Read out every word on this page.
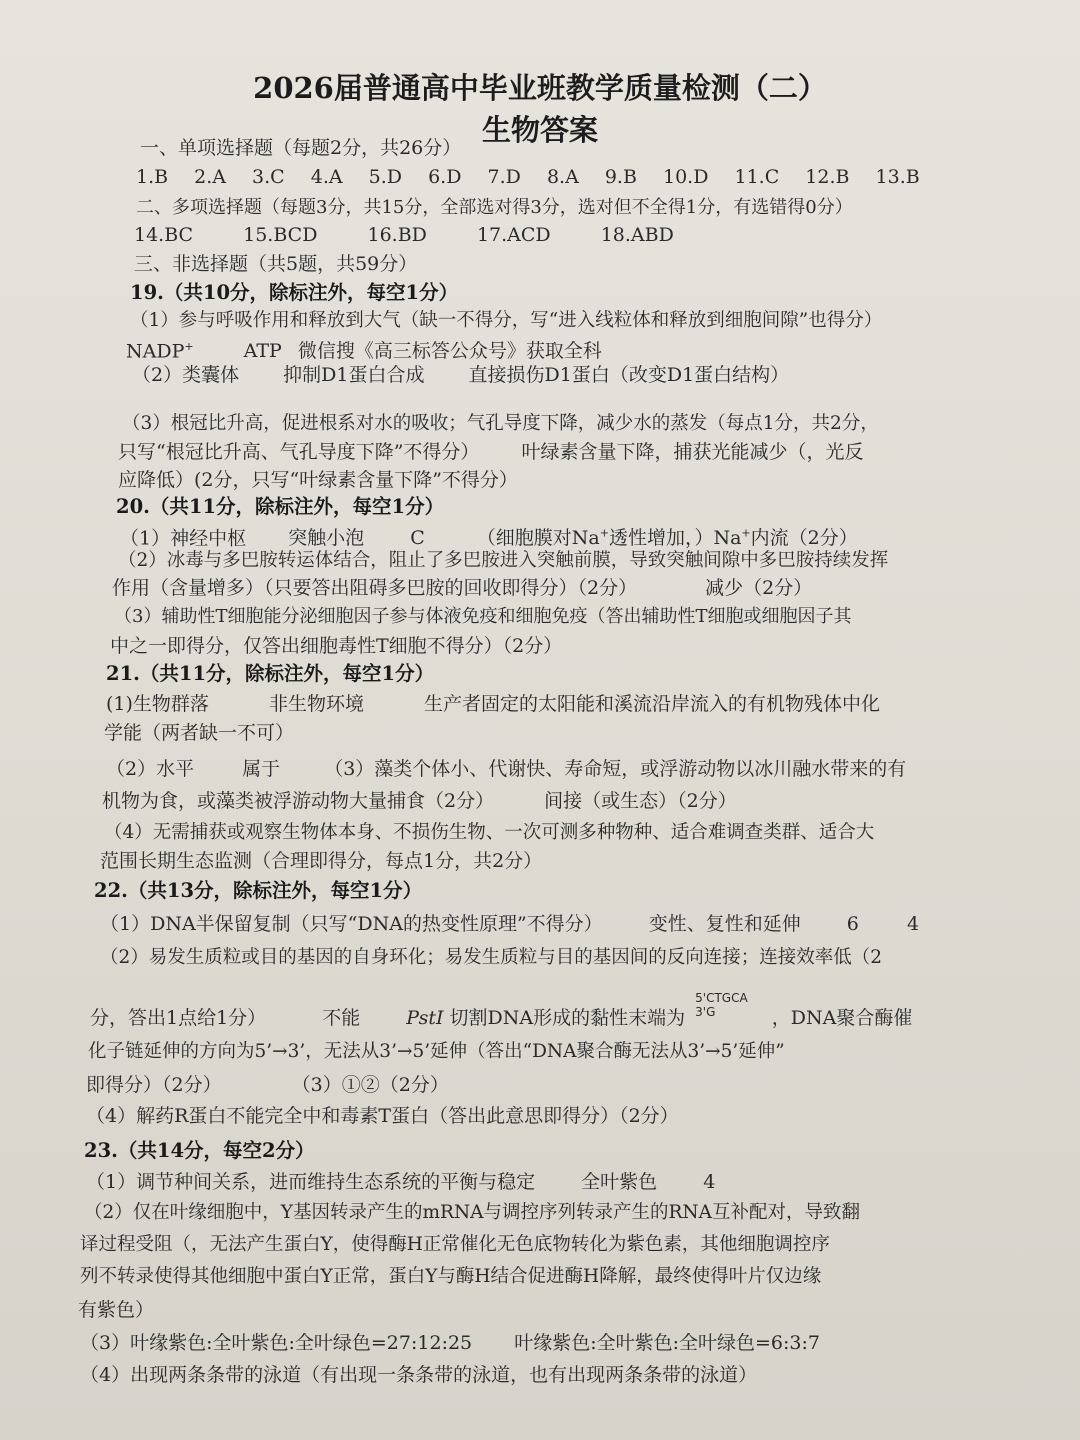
2026届普通高中毕业班教学质量检测（二）
生物答案
一、单项选择题（每题2分，共26分）
1.B 2.A 3.C 4.A 5.D 6.D 7.D 8.A 9.B 10.D 11.C 12.B 13.B
二、多项选择题（每题3分，共15分，全部选对得3分，选对但不全得1分，有选错得0分）
14.BC	15.BCD	16.BD	17.ACD	18.ABD
三、非选择题（共5题，共59分）
19.（共10分，除标注外，每空1分）
（1）参与呼吸作用和释放到大气（缺一不得分，写“进入线粒体和释放到细胞间隙”也得分）
NADP+	ATP 微信搜《高三标答公众号》获取全科
（2）类囊体 抑制D1蛋白合成 直接损伤D1蛋白（改变D1蛋白结构）
（3）根冠比升高，促进根系对水的吸收；气孔导度下降，减少水的蒸发（每点1分，共2分，
只写“根冠比升高、气孔导度下降”不得分） 叶绿素含量下降，捕获光能减少（，光反
应降低）(2分，只写“叶绿素含量下降”不得分）
20.（共11分，除标注外，每空1分）
（1）神经中枢 突触小泡 C	（细胞膜对Na+透性增加，）Na+内流（2分）
（2）冰毒与多巴胺转运体结合，阻止了多巴胺进入突触前膜，导致突触间隙中多巴胺持续发挥
作用（含量增多）（只要答出阻碍多巴胺的回收即得分）（2分）	减少（2分）
（3）辅助性T细胞能分泌细胞因子参与体液免疫和细胞免疫（答出辅助性T细胞或细胞因子其
中之一即得分，仅答出细胞毒性T细胞不得分）（2分）
21.（共11分，除标注外，每空1分）
(1)生物群落	非生物环境	生产者固定的太阳能和溪流沿岸流入的有机物残体中化
学能（两者缺一不可）
（2）水平	属于 （3）藻类个体小、代谢快、寿命短，或浮游动物以冰川融水带来的有
机物为食，或藻类被浮游动物大量捕食（2分）	间接（或生态）（2分）
（4）无需捕获或观察生物体本身、不损伤生物、一次可测多种物种、适合难调查类群、适合大
范围长期生态监测（合理即得分，每点1分，共2分）
22.（共13分，除标注外，每空1分）
（1）DNA半保留复制（只写“DNA的热变性原理”不得分） 变性、复性和延伸 6	4
（2）易发生质粒或目的基因的自身环化；易发生质粒与目的基因间的反向连接；连接效率低（2
分，答出1点给1分）	不能 PstI 切割DNA形成的黏性末端为
5'CTGCA
3'G	，DNA聚合酶催
化子链延伸的方向为5’→3’，无法从3’→5’延伸（答出“DNA聚合酶无法从3’→5’延伸”
即得分）（2分）	（3）①②（2分）
（4）解药R蛋白不能完全中和毒素T蛋白（答出此意思即得分）（2分）
23.（共14分，每空2分）
（1）调节种间关系，进而维持生态系统的平衡与稳定 全叶紫色 4
（2）仅在叶缘细胞中，Y基因转录产生的mRNA与调控序列转录产生的RNA互补配对，导致翻
译过程受阻（，无法产生蛋白Y，使得酶H正常催化无色底物转化为紫色素，其他细胞调控序
列不转录使得其他细胞中蛋白Y正常，蛋白Y与酶H结合促进酶H降解，最终使得叶片仅边缘
有紫色）
（3）叶缘紫色:全叶紫色:全叶绿色=27:12:25 叶缘紫色:全叶紫色:全叶绿色=6:3:7
（4）出现两条条带的泳道（有出现一条条带的泳道，也有出现两条条带的泳道）
